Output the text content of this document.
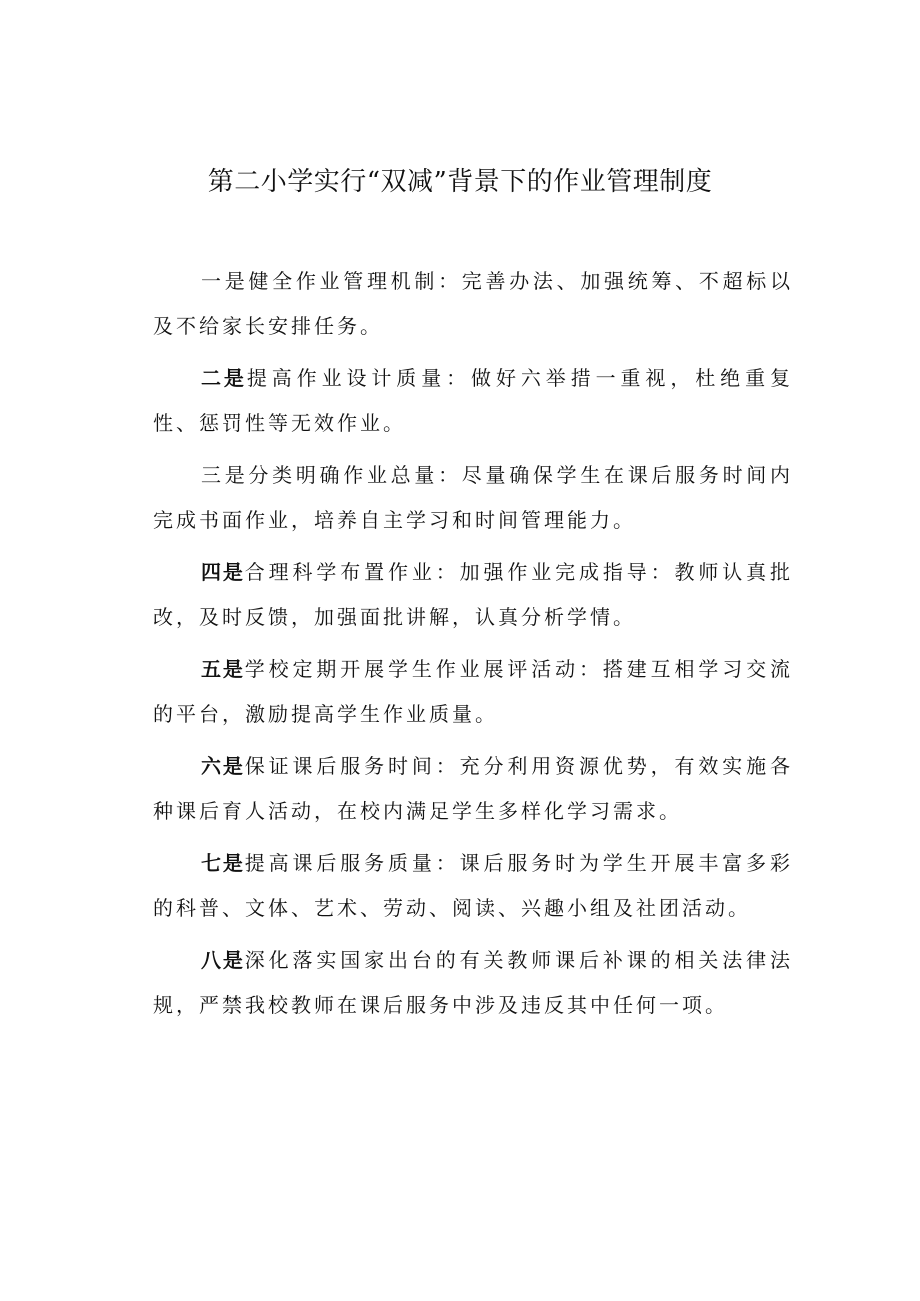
第二小学实行“双减”背景下的作业管理制度

一是健全作业管理机制：完善办法、加强统筹、不超标以及不给家长安排任务。

二是提高作业设计质量：做好六举措一重视，杜绝重复性、惩罚性等无效作业。

三是分类明确作业总量：尽量确保学生在课后服务时间内完成书面作业，培养自主学习和时间管理能力。

四是合理科学布置作业：加强作业完成指导：教师认真批改，及时反馈，加强面批讲解，认真分析学情。

五是学校定期开展学生作业展评活动：搭建互相学习交流的平台，激励提高学生作业质量。

六是保证课后服务时间：充分利用资源优势，有效实施各种课后育人活动，在校内满足学生多样化学习需求。

七是提高课后服务质量：课后服务时为学生开展丰富多彩的科普、文体、艺术、劳动、阅读、兴趣小组及社团活动。

八是深化落实国家出台的有关教师课后补课的相关法律法规，严禁我校教师在课后服务中涉及违反其中任何一项。
